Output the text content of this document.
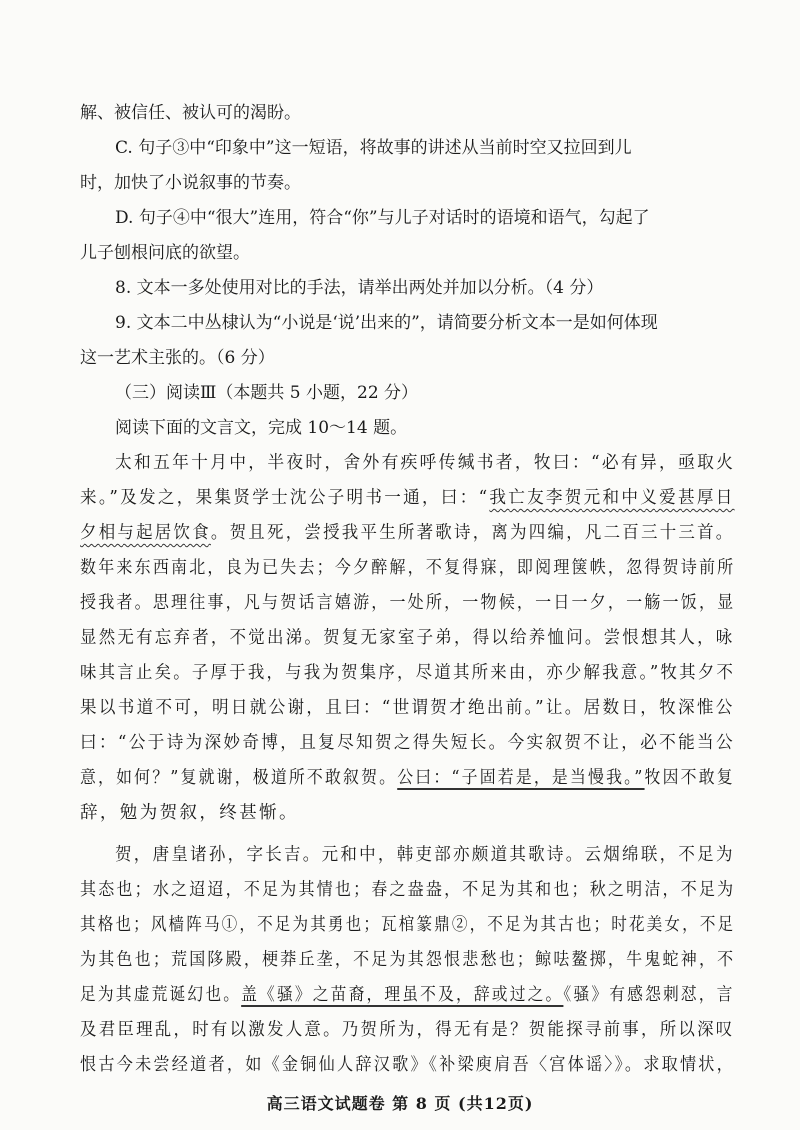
解、被信任、被认可的渴盼。
C. 句子③中“印象中”这一短语，将故事的讲述从当前时空又拉回到儿
时，加快了小说叙事的节奏。
D. 句子④中“很大”连用，符合“你”与儿子对话时的语境和语气，勾起了
儿子刨根问底的欲望。
8. 文本一多处使用对比的手法，请举出两处并加以分析。（4 分）
9. 文本二中丛棣认为“小说是‘说’出来的”，请简要分析文本一是如何体现
这一艺术主张的。（6 分）
（三）阅读Ⅲ（本题共 5 小题，22 分）
阅读下面的文言文，完成 10～14 题。
太和五年十月中，半夜时，舍外有疾呼传缄书者，牧曰：“必有异，亟取火
来。”及发之，果集贤学士沈公子明书一通，曰：“我亡友李贺元和中义爱甚厚日
夕相与起居饮食。贺且死，尝授我平生所著歌诗，离为四编，凡二百三十三首。
数年来东西南北，良为已失去；今夕醉解，不复得寐，即阅理箧帙，忽得贺诗前所
授我者。思理往事，凡与贺话言嬉游，一处所，一物候，一日一夕，一觞一饭，显
显然无有忘弃者，不觉出涕。贺复无家室子弟，得以给养恤问。尝恨想其人，咏
味其言止矣。子厚于我，与我为贺集序，尽道其所来由，亦少解我意。”牧其夕不
果以书道不可，明日就公谢，且曰：“世谓贺才绝出前。”让。居数日，牧深惟公
曰：“公于诗为深妙奇博，且复尽知贺之得失短长。今实叙贺不让，必不能当公
意，如何？”复就谢，极道所不敢叙贺。公曰：“子固若是，是当慢我。”牧因不敢复
辞，勉为贺叙，终甚惭。
贺，唐皇诸孙，字长吉。元和中，韩吏部亦颇道其歌诗。云烟绵联，不足为
其态也；水之迢迢，不足为其情也；春之盎盎，不足为其和也；秋之明洁，不足为
其格也；风樯阵马①，不足为其勇也；瓦棺篆鼎②，不足为其古也；时花美女，不足
为其色也；荒国陊殿，梗莽丘垄，不足为其怨恨悲愁也；鲸呿鳌掷，牛鬼蛇神，不
足为其虚荒诞幻也。盖《骚》之苗裔，理虽不及，辞或过之。《骚》有感怨刺怼，言
及君臣理乱，时有以激发人意。乃贺所为，得无有是？贺能探寻前事，所以深叹
恨古今未尝经道者，如《金铜仙人辞汉歌》《补梁庾肩吾〈宫体谣〉》。求取情状，
高三语文试题卷 第 8 页 (共12页)
